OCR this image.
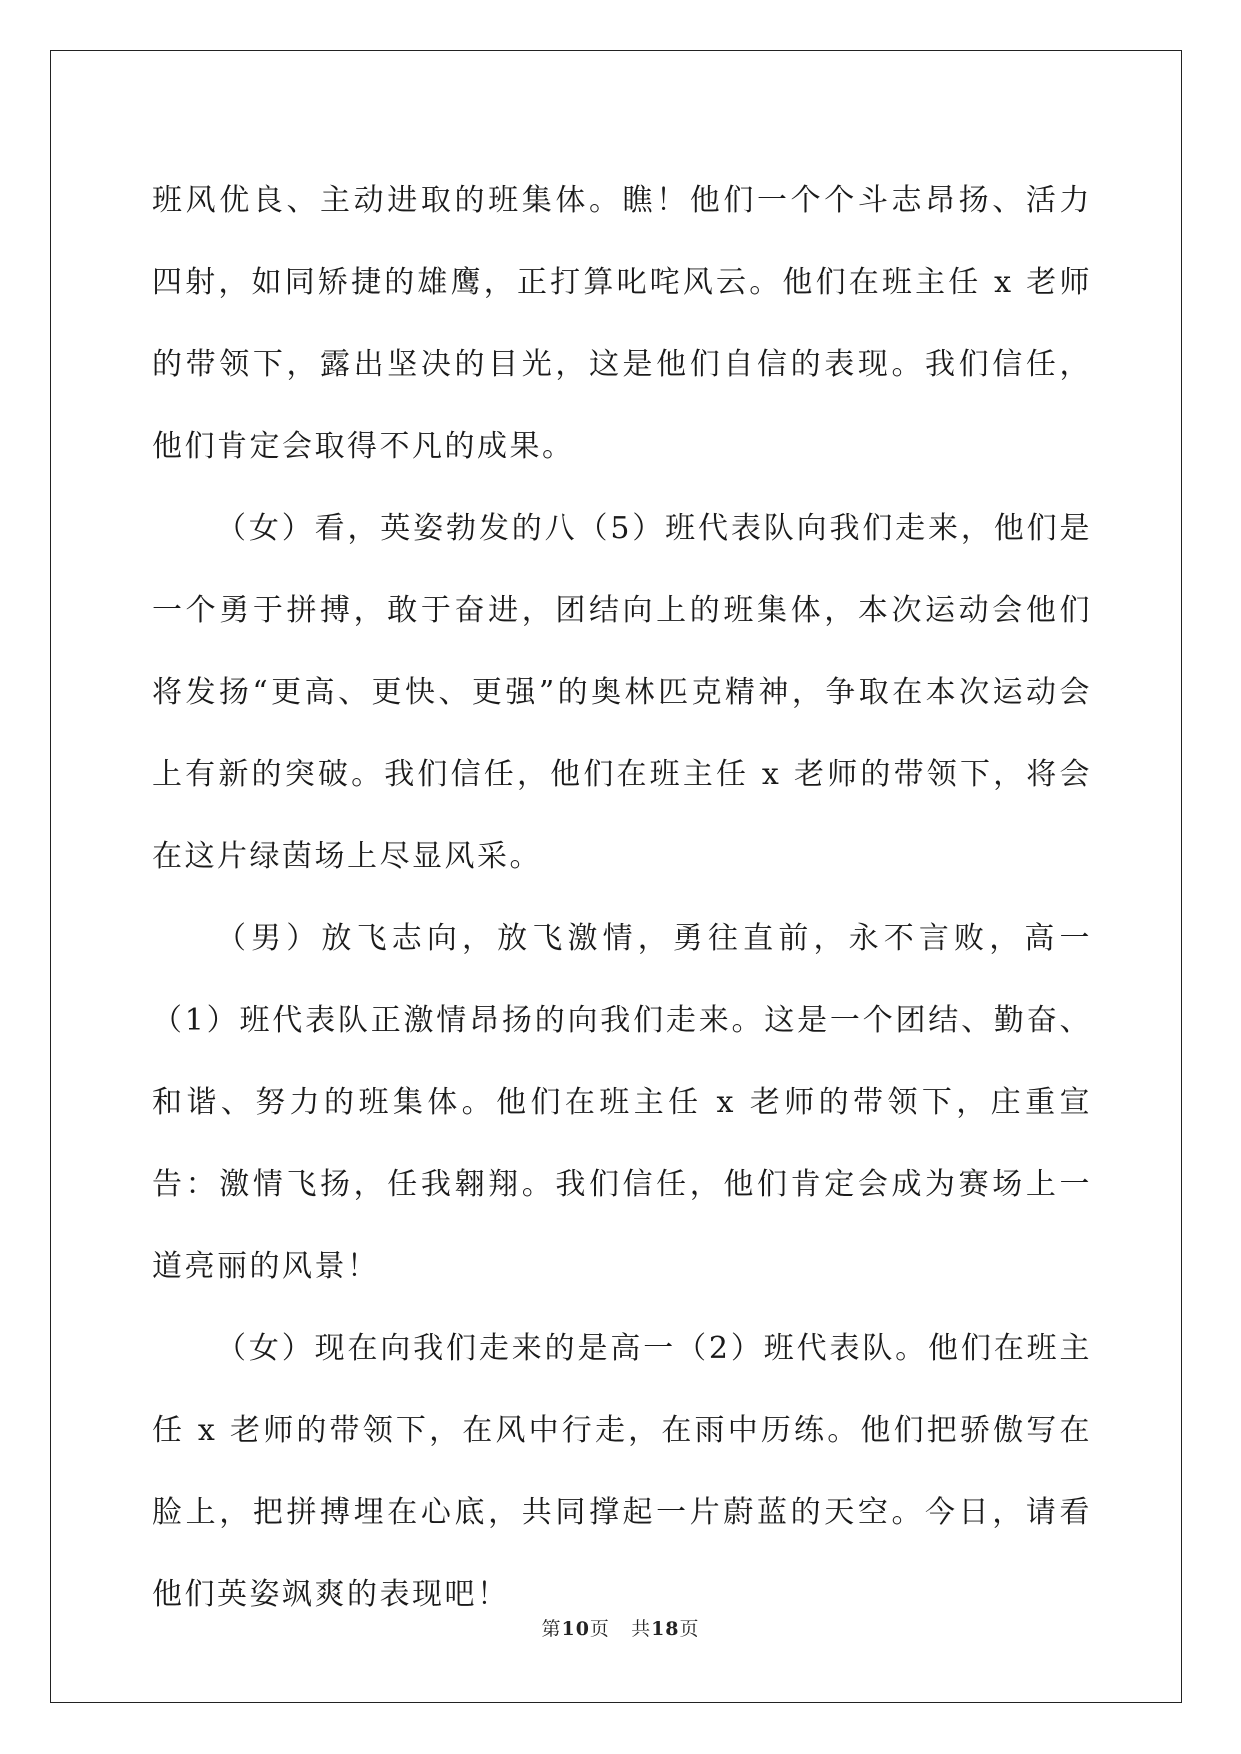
班风优良、主动进取的班集体。瞧！他们一个个斗志昂扬、活力四射，如同矫捷的雄鹰，正打算叱咤风云。他们在班主任 x 老师的带领下，露出坚决的目光，这是他们自信的表现。我们信任，他们肯定会取得不凡的成果。

（女）看，英姿勃发的八（5）班代表队向我们走来，他们是一个勇于拼搏，敢于奋进，团结向上的班集体，本次运动会他们将发扬“更高、更快、更强”的奥林匹克精神，争取在本次运动会上有新的突破。我们信任，他们在班主任 x 老师的带领下，将会在这片绿茵场上尽显风采。

（男）放飞志向，放飞激情，勇往直前，永不言败，高一（1）班代表队正激情昂扬的向我们走来。这是一个团结、勤奋、和谐、努力的班集体。他们在班主任 x 老师的带领下，庄重宣告：激情飞扬，任我翱翔。我们信任，他们肯定会成为赛场上一道亮丽的风景！

（女）现在向我们走来的是高一（2）班代表队。他们在班主任 x 老师的带领下，在风中行走，在雨中历练。他们把骄傲写在脸上，把拼搏埋在心底，共同撑起一片蔚蓝的天空。今日，请看他们英姿飒爽的表现吧！

第10页 共18页
